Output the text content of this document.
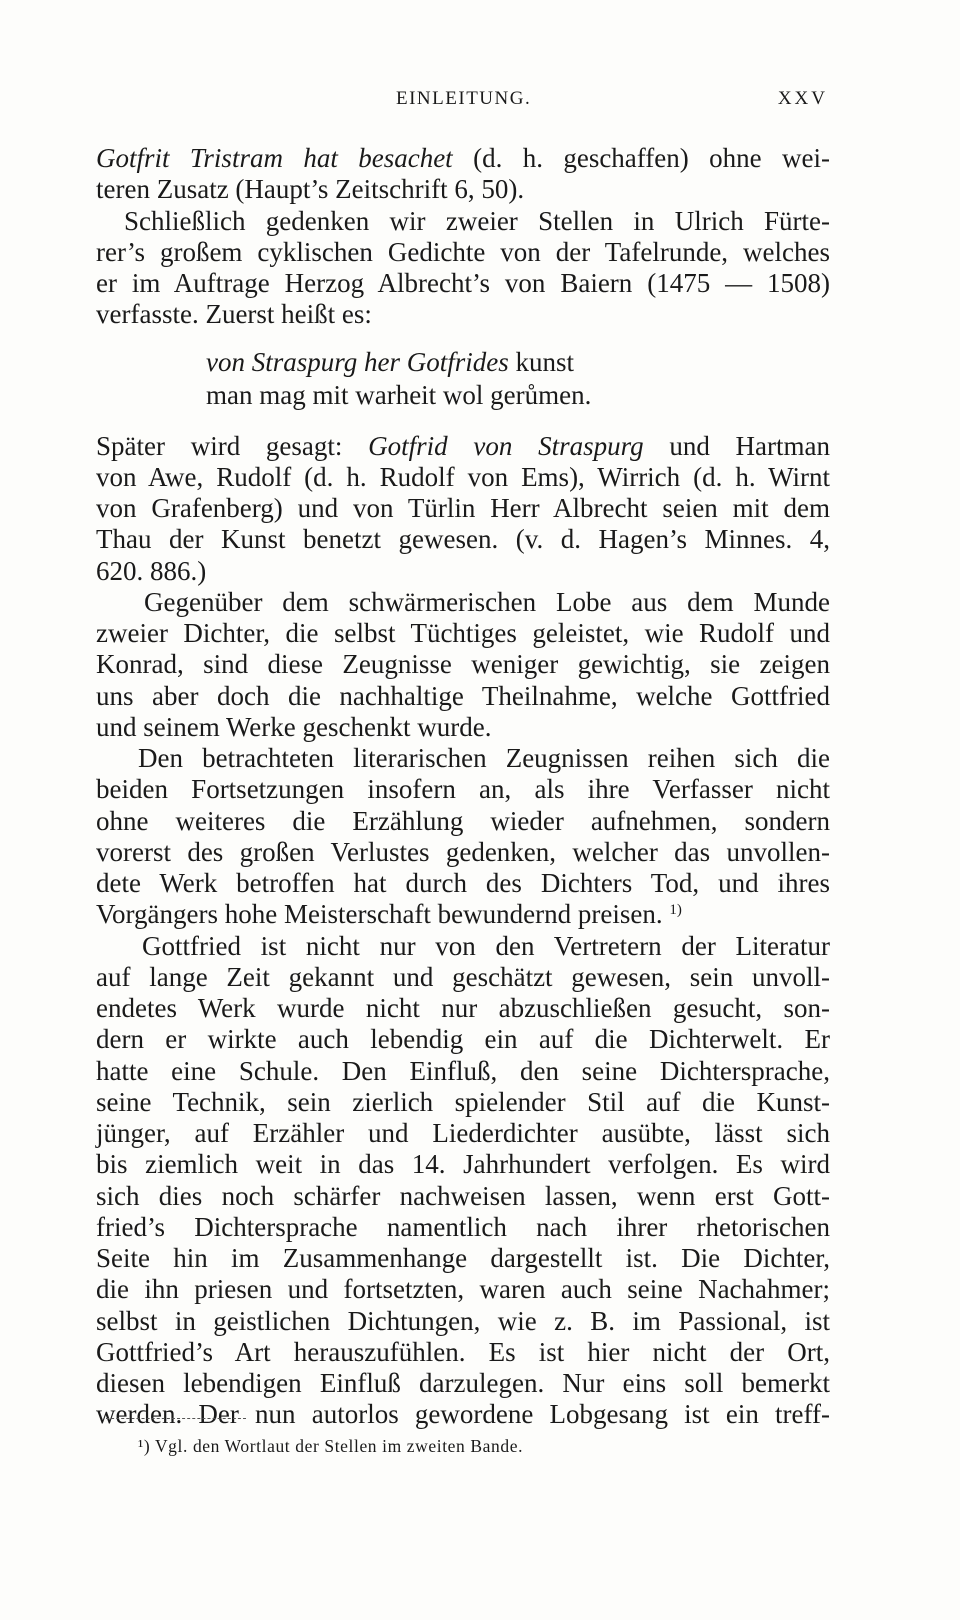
EINLEITUNG.	XXV
Gotfrit Tristram hat besachet (d. h. geschaffen) ohne wei-
teren Zusatz (Haupt’s Zeitschrift 6, 50).
Schließlich gedenken wir zweier Stellen in Ulrich Fürte-
rer’s großem cyklischen Gedichte von der Tafelrunde, welches
er im Auftrage Herzog Albrecht’s von Baiern (1475 — 1508)
verfasste. Zuerst heißt es:
von Straspurg her Gotfrides kunst
man mag mit warheit wol gerůmen.
Später wird gesagt: Gotfrid von Straspurg und Hartman
von Awe, Rudolf (d. h. Rudolf von Ems), Wirrich (d. h. Wirnt
von Grafenberg) und von Türlin Herr Albrecht seien mit dem
Thau der Kunst benetzt gewesen. (v. d. Hagen’s Minnes. 4,
620. 886.)
Gegenüber dem schwärmerischen Lobe aus dem Munde
zweier Dichter, die selbst Tüchtiges geleistet, wie Rudolf und
Konrad, sind diese Zeugnisse weniger gewichtig, sie zeigen
uns aber doch die nachhaltige Theilnahme, welche Gottfried
und seinem Werke geschenkt wurde.
Den betrachteten literarischen Zeugnissen reihen sich die
beiden Fortsetzungen insofern an, als ihre Verfasser nicht
ohne weiteres die Erzählung wieder aufnehmen, sondern
vorerst des großen Verlustes gedenken, welcher das unvollen-
dete Werk betroffen hat durch des Dichters Tod, und ihres
Vorgängers hohe Meisterschaft bewundernd preisen. $^{1)}$
Gottfried ist nicht nur von den Vertretern der Literatur
auf lange Zeit gekannt und geschätzt gewesen, sein unvoll-
endetes Werk wurde nicht nur abzuschließen gesucht, son-
dern er wirkte auch lebendig ein auf die Dichterwelt. Er
hatte eine Schule. Den Einfluß, den seine Dichtersprache,
seine Technik, sein zierlich spielender Stil auf die Kunst-
jünger, auf Erzähler und Liederdichter ausübte, lässt sich
bis ziemlich weit in das 14. Jahrhundert verfolgen. Es wird
sich dies noch schärfer nachweisen lassen, wenn erst Gott-
fried’s Dichtersprache namentlich nach ihrer rhetorischen
Seite hin im Zusammenhange dargestellt ist. Die Dichter,
die ihn priesen und fortsetzten, waren auch seine Nachahmer;
selbst in geistlichen Dichtungen, wie z. B. im Passional, ist
Gottfried’s Art herauszufühlen. Es ist hier nicht der Ort,
diesen lebendigen Einfluß darzulegen. Nur eins soll bemerkt
werden. Der nun autorlos gewordene Lobgesang ist ein treff-
¹) Vgl. den Wortlaut der Stellen im zweiten Bande.
